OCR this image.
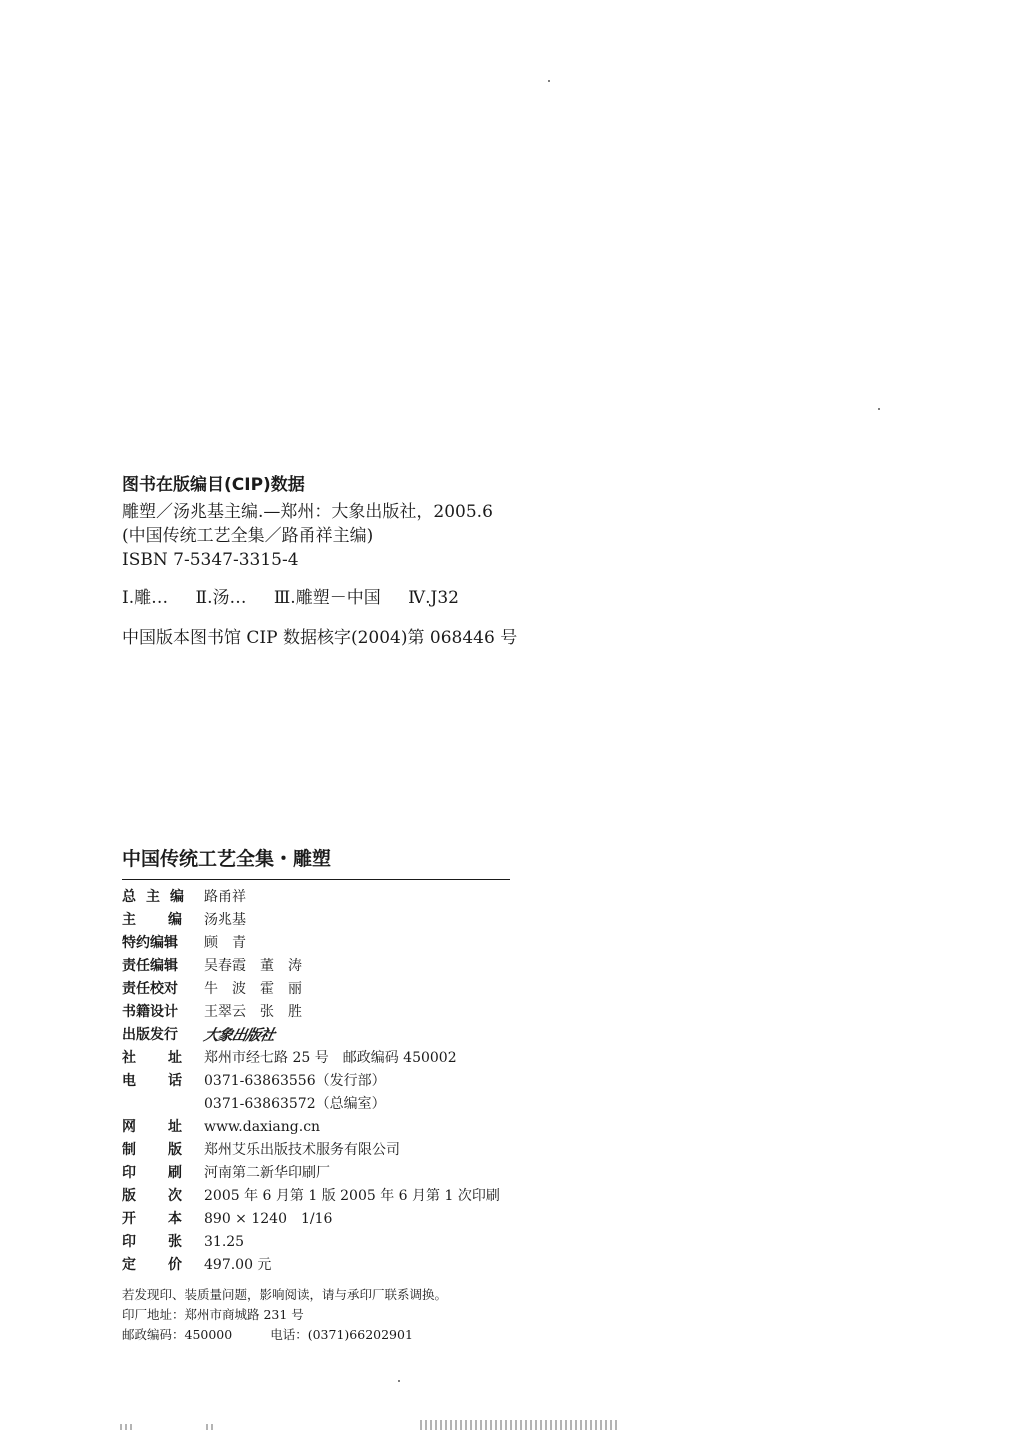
图书在版编目(CIP)数据

雕塑／汤兆基主编.—郑州：大象出版社，2005.6

(中国传统工艺全集／路甬祥主编)

ISBN 7-5347-3315-4

Ⅰ.雕… Ⅱ.汤… Ⅲ.雕塑－中国 Ⅳ.J32

中国版本图书馆 CIP 数据核字(2004)第 068446 号

中国传统工艺全集・雕塑

总 主 编 路甬祥
主 编 汤兆基
特约编辑 顾　青
责任编辑 吴春霞　董　涛
责任校对 牛　波　霍　丽
书籍设计 王翠云　张　胜
出版发行 大象出版社
社 址 郑州市经七路 25 号　邮政编码 450002
电 话 0371-63863556（发行部）
0371-63863572（总编室）
网 址 www.daxiang.cn
制 版 郑州艾乐出版技术服务有限公司
印 刷 河南第二新华印刷厂
版 次 2005 年 6 月第 1 版 2005 年 6 月第 1 次印刷
开 本 890 × 1240　1/16
印 张 31.25
定 价 497.00 元
若发现印、装质量问题，影响阅读，请与承印厂联系调换。
印厂地址：郑州市商城路 231 号
邮政编码：450000	电话：(0371)66202901
